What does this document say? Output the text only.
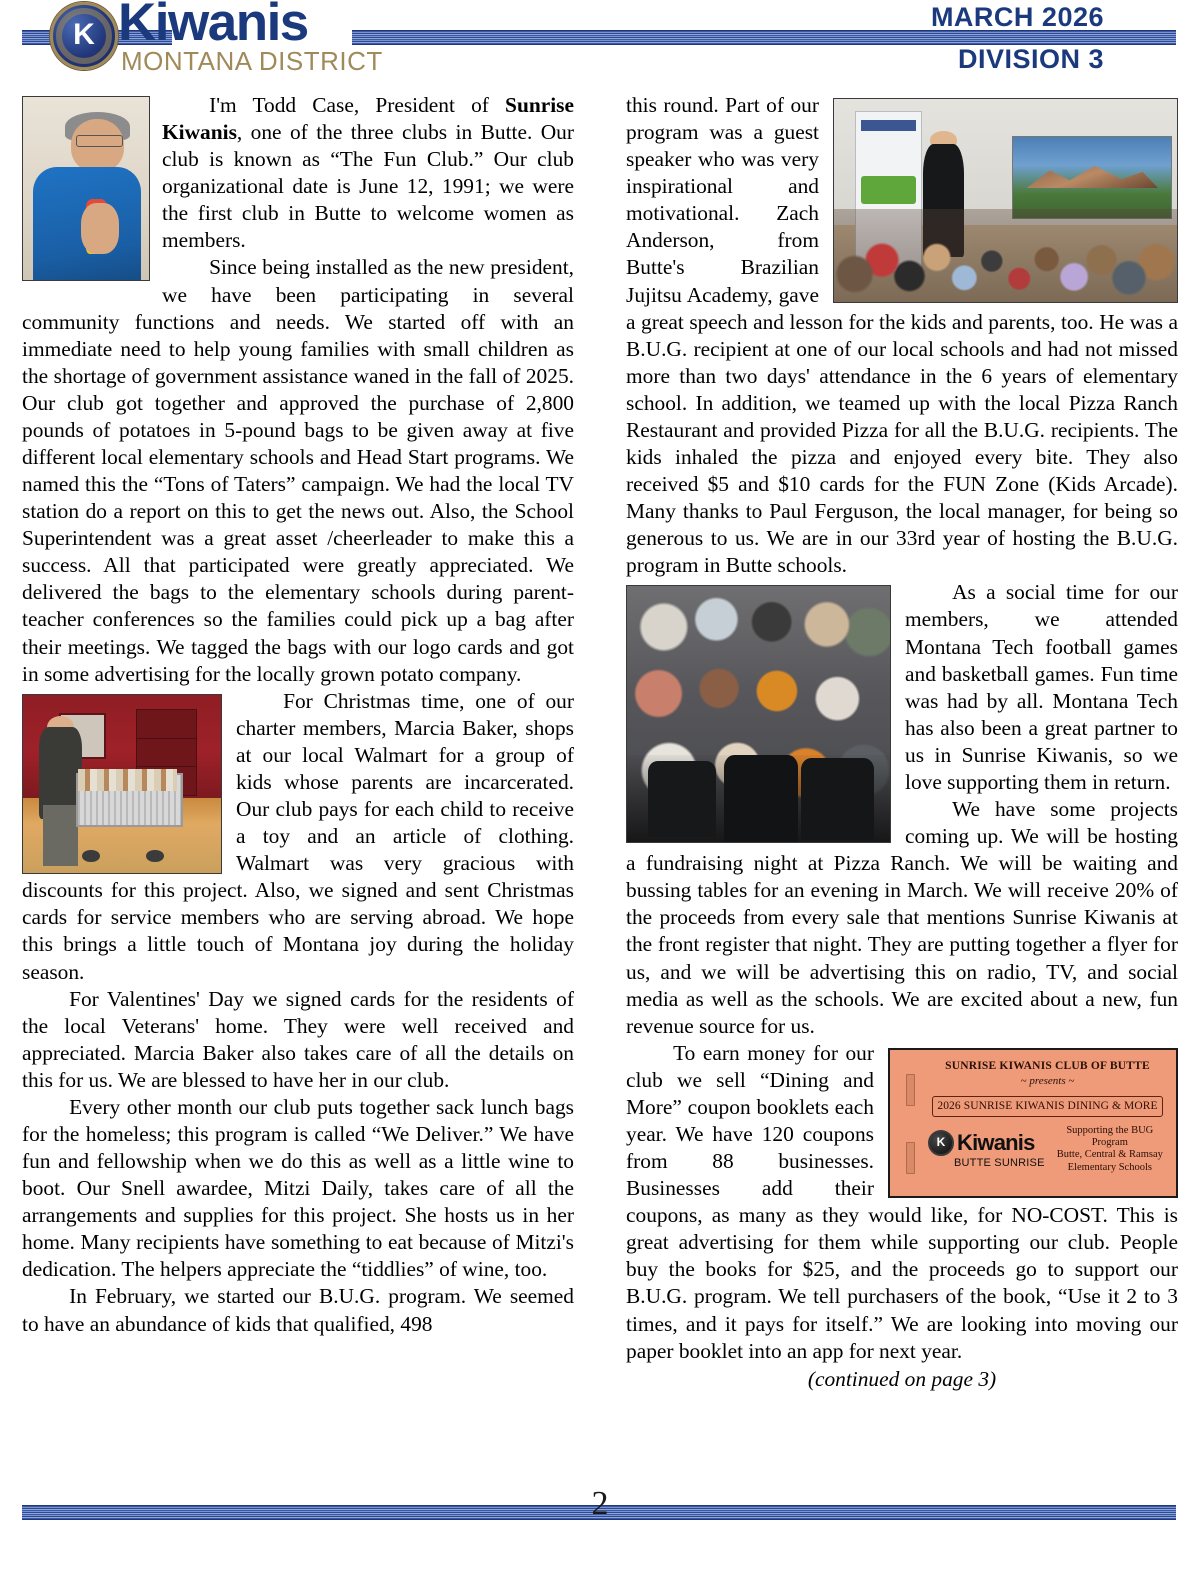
K Kiwanis
MONTANA DISTRICT
MARCH 2026
DIVISION 3

I'm Todd Case, President of Sunrise Kiwanis, one of the three clubs in Butte. Our club is known as “The Fun Club.” Our club organizational date is June 12, 1991; we were the first club in Butte to welcome women as members.

Since being installed as the new president, we have been participating in several community functions and needs. We started off with an immediate need to help young families with small children as the shortage of government assistance waned in the fall of 2025. Our club got together and approved the purchase of 2,800 pounds of potatoes in 5-pound bags to be given away at five different local elementary schools and Head Start programs. We named this the “Tons of Taters” campaign. We had the local TV station do a report on this to get the news out. Also, the School Superintendent was a great asset /cheerleader to make this a success. All that participated were greatly appreciated. We delivered the bags to the elementary schools during parent-teacher conferences so the families could pick up a bag after their meetings. We tagged the bags with our logo cards and got in some advertising for the locally grown potato company.

For Christmas time, one of our charter members, Marcia Baker, shops at our local Walmart for a group of kids whose parents are incarcerated. Our club pays for each child to receive a toy and an article of clothing. Walmart was very gracious with discounts for this project. Also, we signed and sent Christmas cards for service members who are serving abroad. We hope this brings a little touch of Montana joy during the holiday season.

For Valentines' Day we signed cards for the residents of the local Veterans' home. They were well received and appreciated. Marcia Baker also takes care of all the details on this for us. We are blessed to have her in our club.

Every other month our club puts together sack lunch bags for the homeless; this program is called “We Deliver.” We have fun and fellowship when we do this as well as a little wine to boot. Our Snell awardee, Mitzi Daily, takes care of all the arrangements and supplies for this project. She hosts us in her home. Many recipients have something to eat because of Mitzi's dedication. The helpers appreciate the “tiddlies” of wine, too.

In February, we started our B.U.G. program. We seemed to have an abundance of kids that qualified, 498

this round. Part of our program was a guest speaker who was very inspirational and motivational. Zach Anderson, from Butte's Brazilian Jujitsu Academy, gave a great speech and lesson for the kids and parents, too. He was a B.U.G. recipient at one of our local schools and had not missed more than two days' attendance in the 6 years of elementary school. In addition, we teamed up with the local Pizza Ranch Restaurant and provided Pizza for all the B.U.G. recipients. The kids inhaled the pizza and enjoyed every bite. They also received $5 and $10 cards for the FUN Zone (Kids Arcade). Many thanks to Paul Ferguson, the local manager, for being so generous to us. We are in our 33rd year of hosting the B.U.G. program in Butte schools.

As a social time for our members, we attended Montana Tech football games and basketball games. Fun time was had by all. Montana Tech has also been a great partner to us in Sunrise Kiwanis, so we love supporting them in return.

We have some projects coming up. We will be hosting a fundraising night at Pizza Ranch. We will be waiting and bussing tables for an evening in March. We will receive 20% of the proceeds from every sale that mentions Sunrise Kiwanis at the front register that night. They are putting together a flyer for us, and we will be advertising this on radio, TV, and social media as well as the schools. We are excited about a new, fun revenue source for us.

SUNRISE KIWANIS CLUB OF BUTTE
~ presents ~
2026 SUNRISE KIWANIS DINING & MORE
K Kiwanis
BUTTE SUNRISE
Supporting the BUG
Program
Butte, Central & Ramsay
Elementary Schools

To earn money for our club we sell “Dining and More” coupon booklets each year. We have 120 coupons from 88 businesses. Businesses add their coupons, as many as they would like, for NO-COST. This is great advertising for them while supporting our club. People buy the books for $25, and the proceeds go to support our B.U.G. program. We tell purchasers of the book, “Use it 2 to 3 times, and it pays for itself.” We are looking into moving our paper booklet into an app for next year.

(continued on page 3)

2
